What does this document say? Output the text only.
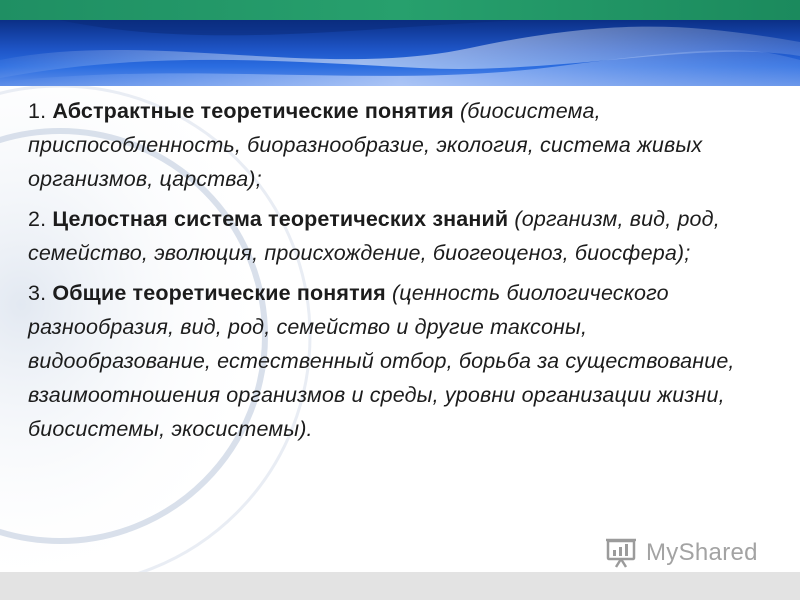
1. Абстрактные теоретические понятия (биосистема, приспособленность, биоразнообразие, экология, система живых организмов, царства);

2. Целостная система теоретических знаний (организм, вид, род, семейство, эволюция, происхождение, биогеоценоз, биосфера);

3. Общие теоретические понятия (ценность биологического разнообразия, вид, род, семейство и другие таксоны, видообразование, естественный отбор, борьба за существование, взаимоотношения организмов и среды, уровни организации жизни, биосистемы, экосистемы).

MyShared
